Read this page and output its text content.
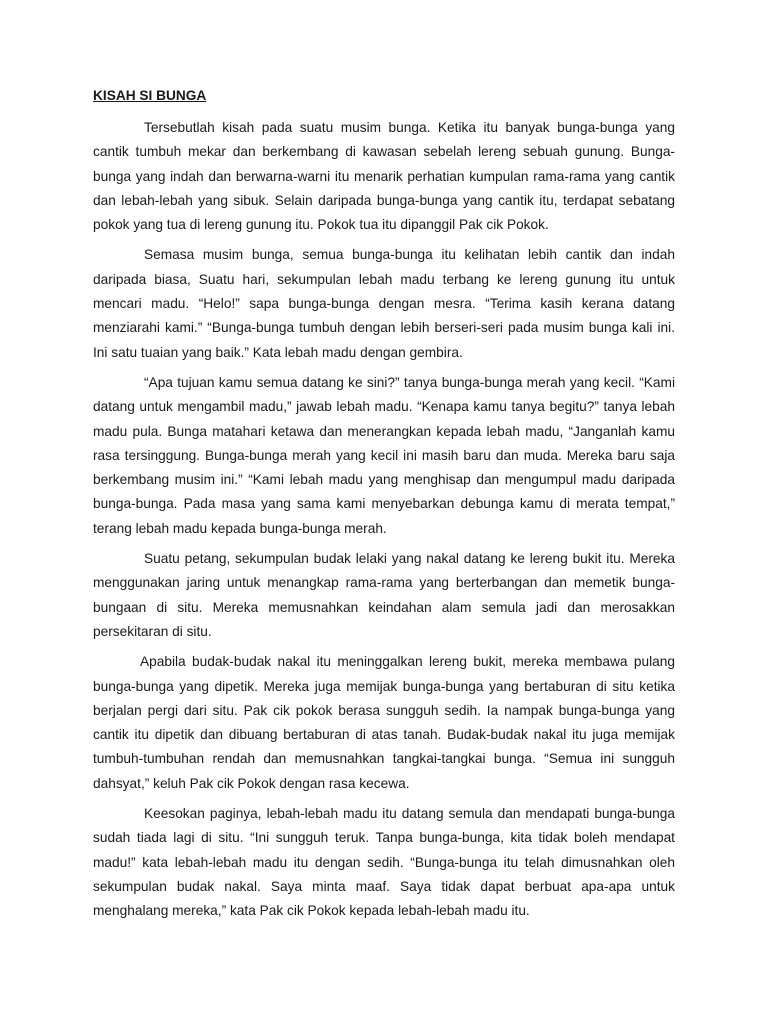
KISAH SI BUNGA

Tersebutlah kisah pada suatu musim bunga. Ketika itu banyak bunga-bunga yang cantik tumbuh mekar dan berkembang di kawasan sebelah lereng sebuah gunung. Bunga-bunga yang indah dan berwarna-warni itu menarik perhatian kumpulan rama-rama yang cantik dan lebah-lebah yang sibuk. Selain daripada bunga-bunga yang cantik itu, terdapat sebatang pokok yang tua di lereng gunung itu. Pokok tua itu dipanggil Pak cik Pokok.

Semasa musim bunga, semua bunga-bunga itu kelihatan lebih cantik dan indah daripada biasa, Suatu hari, sekumpulan lebah madu terbang ke lereng gunung itu untuk mencari madu. “Helo!” sapa bunga-bunga dengan mesra. “Terima kasih kerana datang menziarahi kami.” “Bunga-bunga tumbuh dengan lebih berseri-seri pada musim bunga kali ini. Ini satu tuaian yang baik.” Kata lebah madu dengan gembira.

“Apa tujuan kamu semua datang ke sini?” tanya bunga-bunga merah yang kecil. “Kami datang untuk mengambil madu,” jawab lebah madu. “Kenapa kamu tanya begitu?” tanya lebah madu pula. Bunga matahari ketawa dan menerangkan kepada lebah madu, “Janganlah kamu rasa tersinggung. Bunga-bunga merah yang kecil ini masih baru dan muda. Mereka baru saja berkembang musim ini.” “Kami lebah madu yang menghisap dan mengumpul madu daripada bunga-bunga. Pada masa yang sama kami menyebarkan debunga kamu di merata tempat,” terang lebah madu kepada bunga-bunga merah.

Suatu petang, sekumpulan budak lelaki yang nakal datang ke lereng bukit itu. Mereka menggunakan jaring untuk menangkap rama-rama yang berterbangan dan memetik bunga-bungaan di situ. Mereka memusnahkan keindahan alam semula jadi dan merosakkan persekitaran di situ.

Apabila budak-budak nakal itu meninggalkan lereng bukit, mereka membawa pulang bunga-bunga yang dipetik. Mereka juga memijak bunga-bunga yang bertaburan di situ ketika berjalan pergi dari situ. Pak cik pokok berasa sungguh sedih. Ia nampak bunga-bunga yang cantik itu dipetik dan dibuang bertaburan di atas tanah. Budak-budak nakal itu juga memijak tumbuh-tumbuhan rendah dan memusnahkan tangkai-tangkai bunga. “Semua ini sungguh dahsyat,” keluh Pak cik Pokok dengan rasa kecewa.

Keesokan paginya, lebah-lebah madu itu datang semula dan mendapati bunga-bunga sudah tiada lagi di situ. “Ini sungguh teruk. Tanpa bunga-bunga, kita tidak boleh mendapat madu!” kata lebah-lebah madu itu dengan sedih. “Bunga-bunga itu telah dimusnahkan oleh sekumpulan budak nakal. Saya minta maaf. Saya tidak dapat berbuat apa-apa untuk menghalang mereka,” kata Pak cik Pokok kepada lebah-lebah madu itu.
